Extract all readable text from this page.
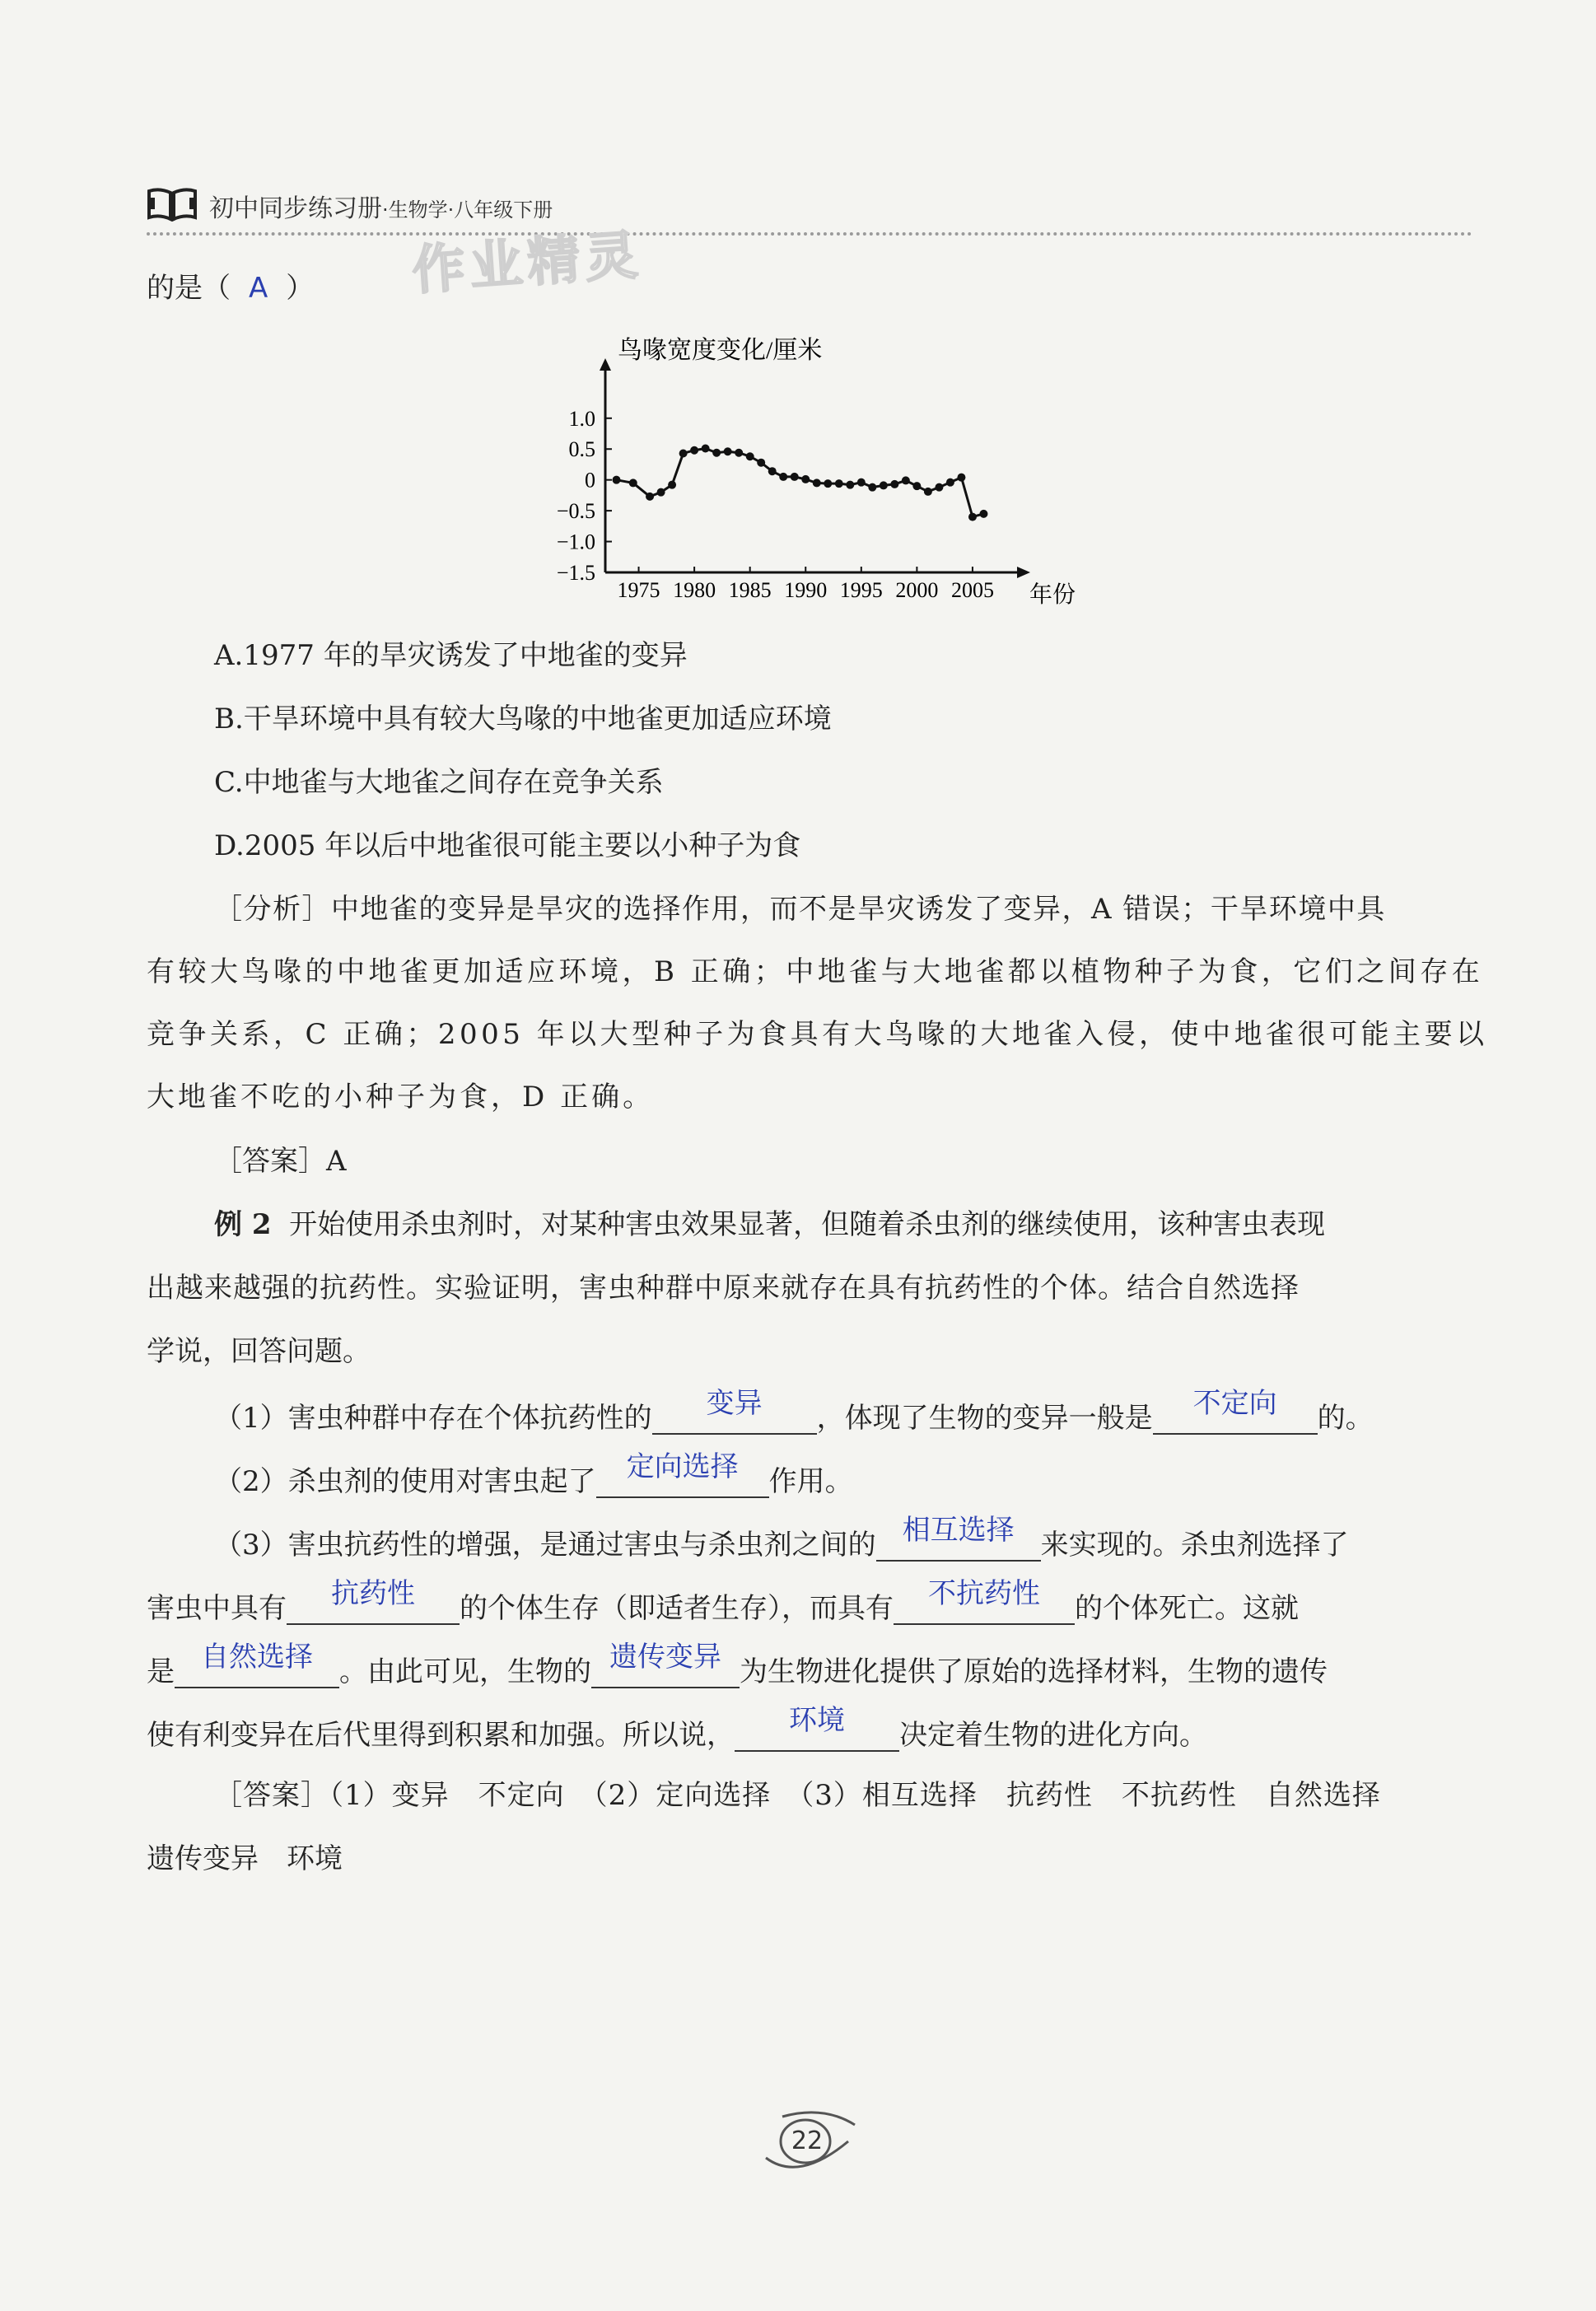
初中同步练习册·生物学·八年级下册
作业精灵
的是（ A ）
鸟喙宽度变化/厘米
1.0
0.5
0
−0.5
−1.0
−1.5
1975 1980 1985 1990 1995 2000 2005 年份
A.1977 年的旱灾诱发了中地雀的变异
B.干旱环境中具有较大鸟喙的中地雀更加适应环境
C.中地雀与大地雀之间存在竞争关系
D.2005 年以后中地雀很可能主要以小种子为食
［分析］中地雀的变异是旱灾的选择作用，而不是旱灾诱发了变异，A 错误；干旱环境中具
有较大鸟喙的中地雀更加适应环境，B 正确；中地雀与大地雀都以植物种子为食，它们之间存在
竞争关系，C 正确；2005 年以大型种子为食具有大鸟喙的大地雀入侵，使中地雀很可能主要以
大地雀不吃的小种子为食，D 正确。
［答案］A
例 2 开始使用杀虫剂时，对某种害虫效果显著，但随着杀虫剂的继续使用，该种害虫表现
出越来越强的抗药性。实验证明，害虫种群中原来就存在具有抗药性的个体。结合自然选择
学说，回答问题。
（1）害虫种群中存在个体抗药性的 变异 ，体现了生物的变异一般是 不定向 的。
（2）杀虫剂的使用对害虫起了 定向选择 作用。
（3）害虫抗药性的增强，是通过害虫与杀虫剂之间的 相互选择 来实现的。杀虫剂选择了
害虫中具有 抗药性 的个体生存（即适者生存），而具有 不抗药性 的个体死亡。这就
是 自然选择 。由此可见，生物的 遗传变异 为生物进化提供了原始的选择材料，生物的遗传
使有利变异在后代里得到积累和加强。所以说， 环境 决定着生物的进化方向。
［答案］（1）变异　不定向　（2）定向选择　（3）相互选择　抗药性　不抗药性　自然选择
遗传变异　环境
22
